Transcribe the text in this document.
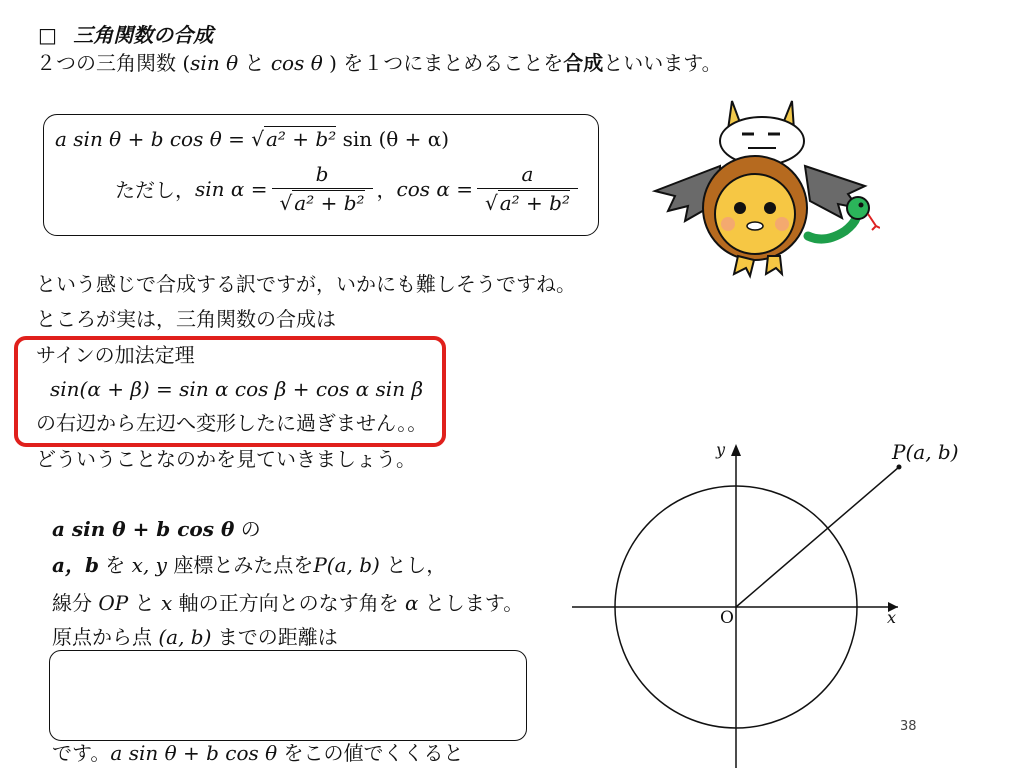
□ 三角関数の合成
２つの三角関数 (sin θ と cos θ ) を１つにまとめることを合成といいます。
a sin θ + b cos θ = √ a² + b² sin (θ + α)
ただし， $\sin \alpha = \frac{b}{\text{√ a² + b²}}$ ， $\cos \alpha = \frac{a}{\text{√ a² + b²}}$
という感じで合成する訳ですが，いかにも難しそうですね。
ところが実は，三角関数の合成は
サインの加法定理
sin(α + β) = sin α cos β + cos α sin β
の右辺から左辺へ変形したに過ぎません。。
どういうことなのかを見ていきましょう。
a sin θ + b cos θ の
a，b を x, y 座標とみた点をP(a, b) とし，
線分 OP と x 軸の正方向とのなす角を α とします。
原点から点 (a, b) までの距離は
です。a sin θ + b cos θ をこの値でくくると
y
x
O
P(a, b)
38
